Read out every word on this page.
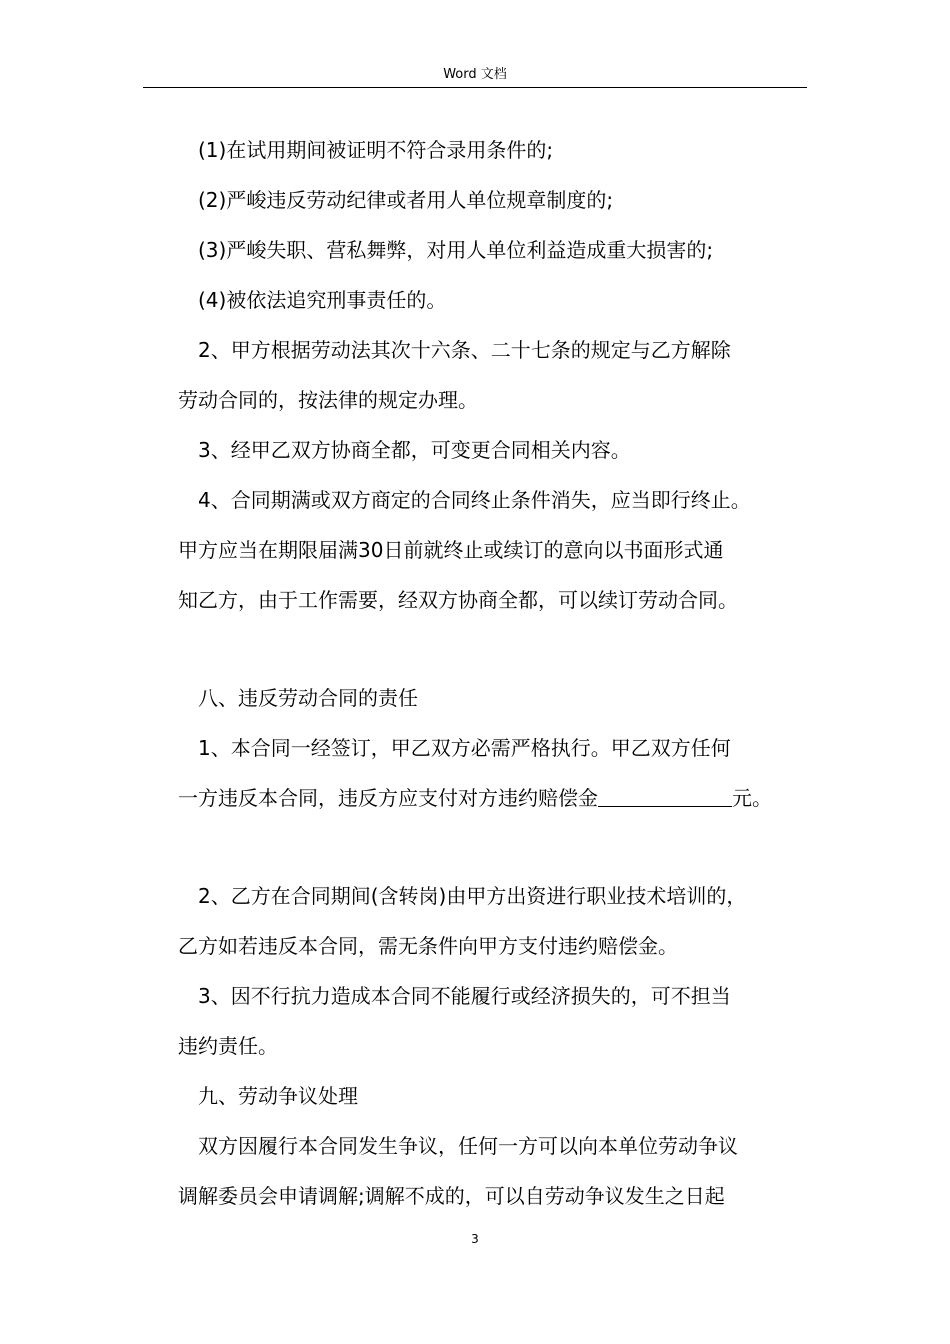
Word 文档
(1)在试用期间被证明不符合录用条件的;
(2)严峻违反劳动纪律或者用人单位规章制度的;
(3)严峻失职、营私舞弊，对用人单位利益造成重大损害的;
(4)被依法追究刑事责任的。
2、甲方根据劳动法其次十六条、二十七条的规定与乙方解除
劳动合同的，按法律的规定办理。
3、经甲乙双方协商全都，可变更合同相关内容。
4、合同期满或双方商定的合同终止条件消失，应当即行终止。
甲方应当在期限届满30日前就终止或续订的意向以书面形式通
知乙方，由于工作需要，经双方协商全都，可以续订劳动合同。
八、违反劳动合同的责任
1、本合同一经签订，甲乙双方必需严格执行。甲乙双方任何
一方违反本合同，违反方应支付对方违约赔偿金	元。
2、乙方在合同期间(含转岗)由甲方出资进行职业技术培训的，
乙方如若违反本合同，需无条件向甲方支付违约赔偿金。
3、因不行抗力造成本合同不能履行或经济损失的，可不担当
违约责任。
九、劳动争议处理
双方因履行本合同发生争议，任何一方可以向本单位劳动争议
调解委员会申请调解;调解不成的，可以自劳动争议发生之日起
3
